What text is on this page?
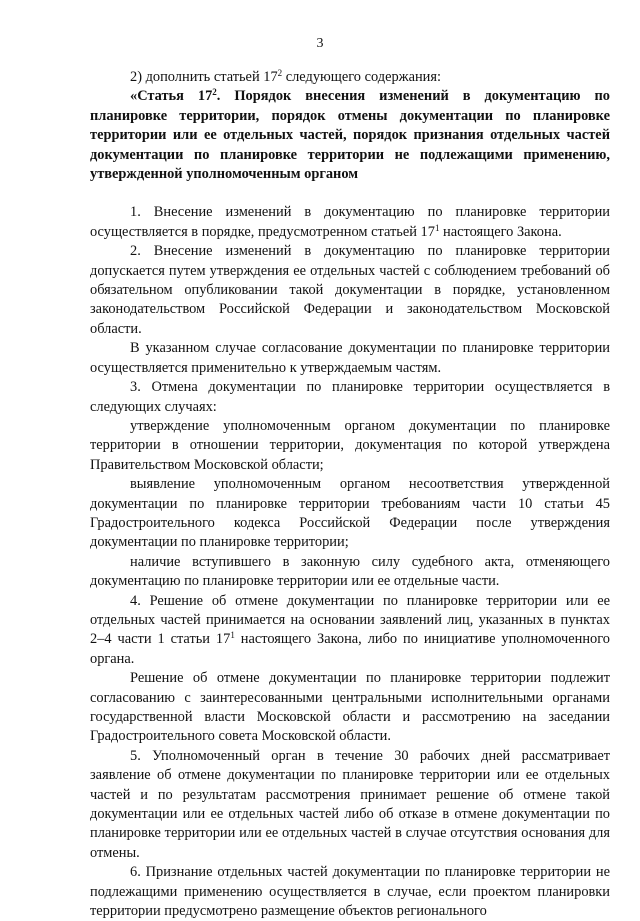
3

2) дополнить статьей $17^2$ следующего содержания:

«Статья $17^2$. Порядок внесения изменений в документацию по планировке территории, порядок отмены документации по планировке территории или ее отдельных частей, порядок признания отдельных частей документации по планировке территории не подлежащими применению, утвержденной уполномоченным органом

1. Внесение изменений в документацию по планировке территории осуществляется в порядке, предусмотренном статьей $17^1$ настоящего Закона.

2. Внесение изменений в документацию по планировке территории допускается путем утверждения ее отдельных частей с соблюдением требований об обязательном опубликовании такой документации в порядке, установленном законодательством Российской Федерации и законодательством Московской области.

В указанном случае согласование документации по планировке территории осуществляется применительно к утверждаемым частям.

3. Отмена документации по планировке территории осуществляется в следующих случаях:

утверждение уполномоченным органом документации по планировке территории в отношении территории, документация по которой утверждена Правительством Московской области;

выявление уполномоченным органом несоответствия утвержденной документации по планировке территории требованиям части 10 статьи 45 Градостроительного кодекса Российской Федерации после утверждения документации по планировке территории;

наличие вступившего в законную силу судебного акта, отменяющего документацию по планировке территории или ее отдельные части.

4. Решение об отмене документации по планировке территории или ее отдельных частей принимается на основании заявлений лиц, указанных в пунктах 2–4 части 1 статьи $17^1$ настоящего Закона, либо по инициативе уполномоченного органа.

Решение об отмене документации по планировке территории подлежит согласованию с заинтересованными центральными исполнительными органами государственной власти Московской области и рассмотрению на заседании Градостроительного совета Московской области.

5. Уполномоченный орган в течение 30 рабочих дней рассматривает заявление об отмене документации по планировке территории или ее отдельных частей и по результатам рассмотрения принимает решение об отмене такой документации или ее отдельных частей либо об отказе в отмене документации по планировке территории или ее отдельных частей в случае отсутствия основания для отмены.

6. Признание отдельных частей документации по планировке территории не подлежащими применению осуществляется в случае, если проектом планировки территории предусмотрено размещение объектов регионального
